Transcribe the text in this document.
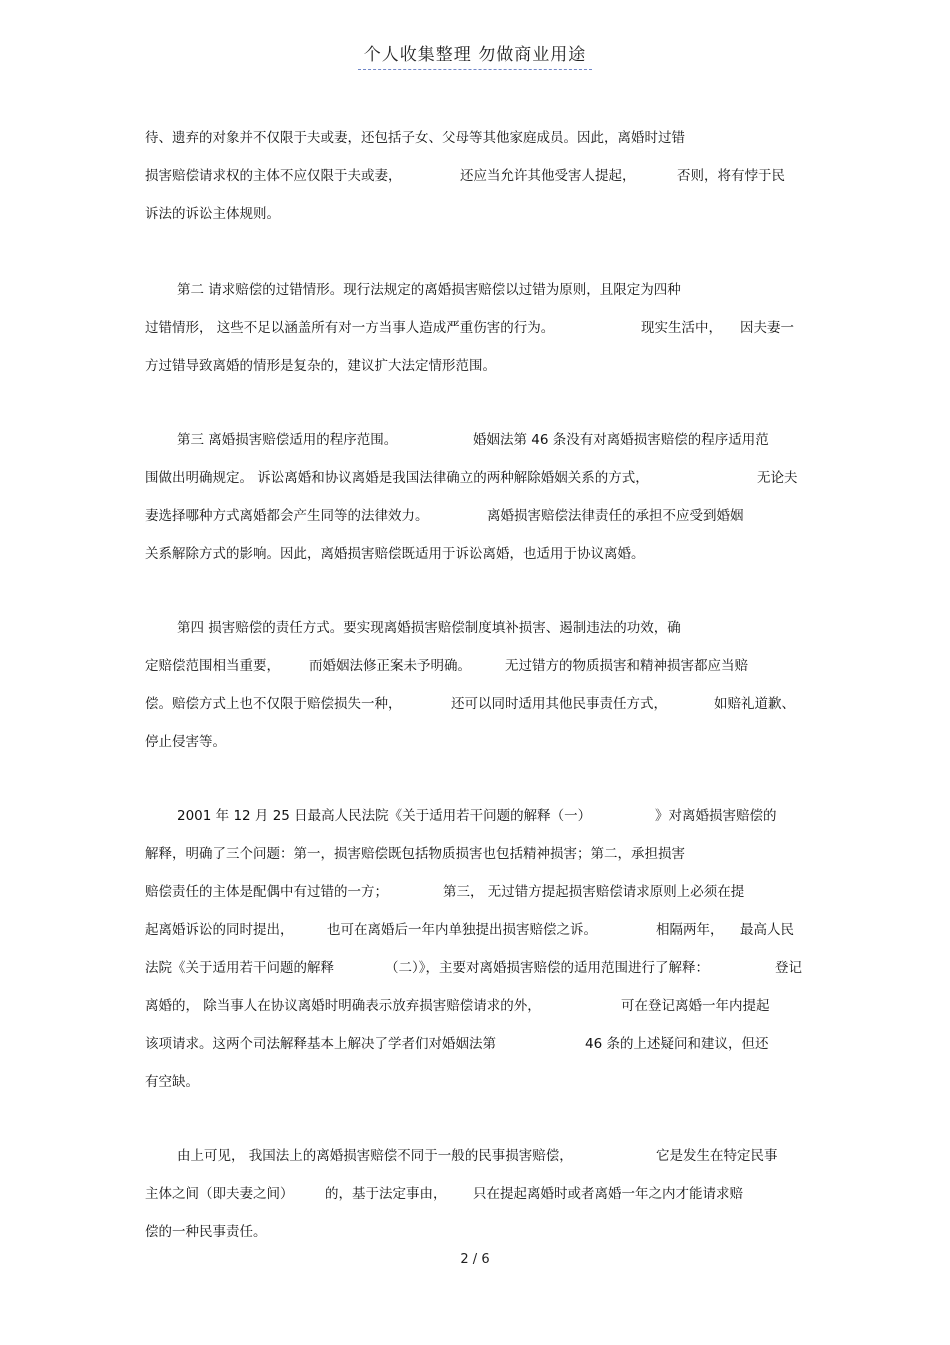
个人收集整理 勿做商业用途
待、遗弃的对象并不仅限于夫或妻，还包括子女、父母等其他家庭成员。因此，离婚时过错
损害赔偿请求权的主体不应仅限于夫或妻，	还应当允许其他受害人提起，	否则，将有悖于民
诉法的诉讼主体规则。
第二 请求赔偿的过错情形。现行法规定的离婚损害赔偿以过错为原则，且限定为四种
过错情形， 这些不足以涵盖所有对一方当事人造成严重伤害的行为。	现实生活中， 因夫妻一
方过错导致离婚的情形是复杂的，建议扩大法定情形范围。
第三 离婚损害赔偿适用的程序范围。	婚姻法第 46 条没有对离婚损害赔偿的程序适用范
围做出明确规定。 诉讼离婚和协议离婚是我国法律确立的两种解除婚姻关系的方式，	无论夫
妻选择哪种方式离婚都会产生同等的法律效力。	离婚损害赔偿法律责任的承担不应受到婚姻
关系解除方式的影响。因此，离婚损害赔偿既适用于诉讼离婚，也适用于协议离婚。
第四 损害赔偿的责任方式。要实现离婚损害赔偿制度填补损害、遏制违法的功效，确
定赔偿范围相当重要， 而婚姻法修正案未予明确。	无过错方的物质损害和精神损害都应当赔
偿。赔偿方式上也不仅限于赔偿损失一种，	还可以同时适用其他民事责任方式，	如赔礼道歉、
停止侵害等。
2001 年 12 月 25 日最高人民法院《关于适用若干问题的解释（一）	》对离婚损害赔偿的
解释，明确了三个问题：第一，损害赔偿既包括物质损害也包括精神损害；第二，承担损害
赔偿责任的主体是配偶中有过错的一方；	第三， 无过错方提起损害赔偿请求原则上必须在提
起离婚诉讼的同时提出， 也可在离婚后一年内单独提出损害赔偿之诉。	相隔两年， 最高人民
法院《关于适用若干问题的解释	（二）》，主要对离婚损害赔偿的适用范围进行了解释：	登记
离婚的， 除当事人在协议离婚时明确表示放弃损害赔偿请求的外，	可在登记离婚一年内提起
该项请求。这两个司法解释基本上解决了学者们对婚姻法第	46 条的上述疑问和建议，但还
有空缺。
由上可见， 我国法上的离婚损害赔偿不同于一般的民事损害赔偿，	它是发生在特定民事
主体之间（即夫妻之间） 的，基于法定事由， 只在提起离婚时或者离婚一年之内才能请求赔
偿的一种民事责任。
2 / 6
